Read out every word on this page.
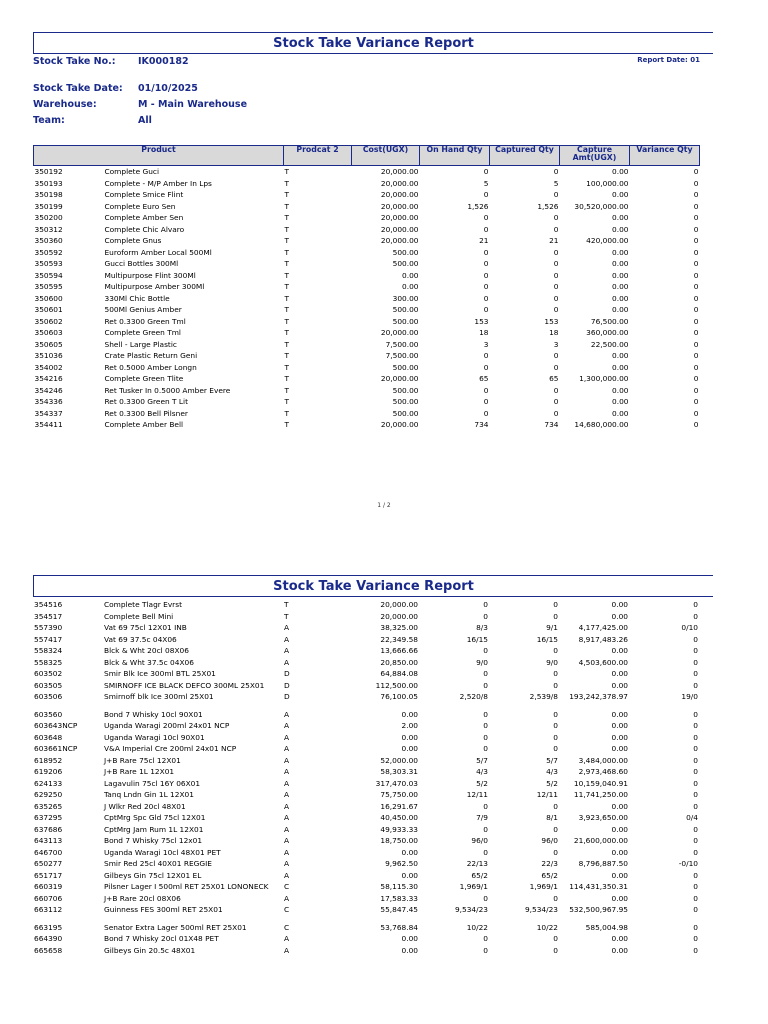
Stock Take Variance Report
Stock Take No.: IK000182	Report Date: 01
Stock Take Date: 01/10/2025
Warehouse:	M - Main Warehouse
Team:	All
Product		Prodcat 2	Cost(UGX)	On Hand Qty	Captured Qty	Capture Amt(UGX)	Variance Qty
350192	Complete Guci	T	20,000.00	0	0	0.00	0
350193	Complete - M/P Amber In Lps	T	20,000.00	5	5	100,000.00	0
350198	Complete Smice Flint	T	20,000.00	0	0	0.00	0
350199	Complete Euro Sen	T	20,000.00	1,526	1,526	30,520,000.00	0
350200	Complete Amber Sen	T	20,000.00	0	0	0.00	0
350312	Complete Chic Alvaro	T	20,000.00	0	0	0.00	0
350360	Complete Gnus	T	20,000.00	21	21	420,000.00	0
350592	Euroform Amber Local 500Ml	T	500.00	0	0	0.00	0
350593	Gucci Bottles 300Ml	T	500.00	0	0	0.00	0
350594	Multipurpose Flint 300Ml	T	0.00	0	0	0.00	0
350595	Multipurpose Amber 300Ml	T	0.00	0	0	0.00	0
350600	330Ml Chic Bottle	T	300.00	0	0	0.00	0
350601	500Ml Genius Amber	T	500.00	0	0	0.00	0
350602	Ret 0.3300 Green Tml	T	500.00	153	153	76,500.00	0
350603	Complete Green Tml	T	20,000.00	18	18	360,000.00	0
350605	Shell - Large Plastic	T	7,500.00	3	3	22,500.00	0
351036	Crate Plastic Return Geni	T	7,500.00	0	0	0.00	0
354002	Ret 0.5000 Amber Longn	T	500.00	0	0	0.00	0
354216	Complete Green Tlite	T	20,000.00	65	65	1,300,000.00	0
354246	Ret Tusker In 0.5000 Amber Evere	T	500.00	0	0	0.00	0
354336	Ret 0.3300 Green T Lit	T	500.00	0	0	0.00	0
354337	Ret 0.3300 Bell Pilsner	T	500.00	0	0	0.00	0
354411	Complete Amber Bell	T	20,000.00	734	734	14,680,000.00	0
1 / 2
Stock Take Variance Report
354516	Complete Tlagr Evrst	T	20,000.00	0	0	0.00	0
354517	Complete Bell Mini	T	20,000.00	0	0	0.00	0
557390	Vat 69 75cl 12X01 INB	A	38,325.00	8/3	9/1	4,177,425.00	0/10
557417	Vat 69 37.5c 04X06	A	22,349.58	16/15	16/15	8,917,483.26	0
558324	Blck & Wht 20cl 08X06	A	13,666.66	0	0	0.00	0
558325	Blck & Wht 37.5c 04X06	A	20,850.00	9/0	9/0	4,503,600.00	0
603502	Smir Blk Ice 300ml BTL 25X01	D	64,884.08	0	0	0.00	0
603505	SMIRNOFF ICE BLACK DEFCO 300ML 25X01	D	112,500.00	0	0	0.00	0
603506	Smirnoff blk Ice 300ml 25X01	D	76,100.05	2,520/8	2,539/8	193,242,378.97	19/0
603560	Bond 7 Whisky 10cl 90X01	A	0.00	0	0	0.00	0
603643NCP	Uganda Waragi 200ml 24x01 NCP	A	2.00	0	0	0.00	0
603648	Uganda Waragi 10cl 90X01	A	0.00	0	0	0.00	0
603661NCP	V&A Imperial Cre 200ml 24x01 NCP	A	0.00	0	0	0.00	0
618952	J+B Rare 75cl 12X01	A	52,000.00	5/7	5/7	3,484,000.00	0
619206	J+B Rare 1L 12X01	A	58,303.31	4/3	4/3	2,973,468.60	0
624133	Lagavulin 75cl 16Y 06X01	A	317,470.03	5/2	5/2	10,159,040.91	0
629250	Tanq Lndn Gin 1L 12X01	A	75,750.00	12/11	12/11	11,741,250.00	0
635265	J Wlkr Red 20cl 48X01	A	16,291.67	0	0	0.00	0
637295	CptMrg Spc Gld 75cl 12X01	A	40,450.00	7/9	8/1	3,923,650.00	0/4
637686	CptMrg Jam Rum 1L 12X01	A	49,933.33	0	0	0.00	0
643113	Bond 7 Whisky 75cl 12x01	A	18,750.00	96/0	96/0	21,600,000.00	0
646700	Uganda Waragi 10cl 48X01 PET	A	0.00	0	0	0.00	0
650277	Smir Red 25cl 40X01 REGGIE	A	9,962.50	22/13	22/3	8,796,887.50	-0/10
651717	Gilbeys Gin 75cl 12X01 EL	A	0.00	65/2	65/2	0.00	0
660319	Pilsner Lager I 500ml RET 25X01 LONONECK	C	58,115.30	1,969/1	1,969/1	114,431,350.31	0
660706	J+B Rare 20cl 08X06	A	17,583.33	0	0	0.00	0
663112	Guinness FES 300ml RET 25X01	C	55,847.45	9,534/23	9,534/23	532,500,967.95	0
663195	Senator Extra Lager 500ml RET 25X01	C	53,768.84	10/22	10/22	585,004.98	0
664390	Bond 7 Whisky 20cl 01X48 PET	A	0.00	0	0	0.00	0
665658	Gilbeys Gin 20.5c 48X01	A	0.00	0	0	0.00	0
